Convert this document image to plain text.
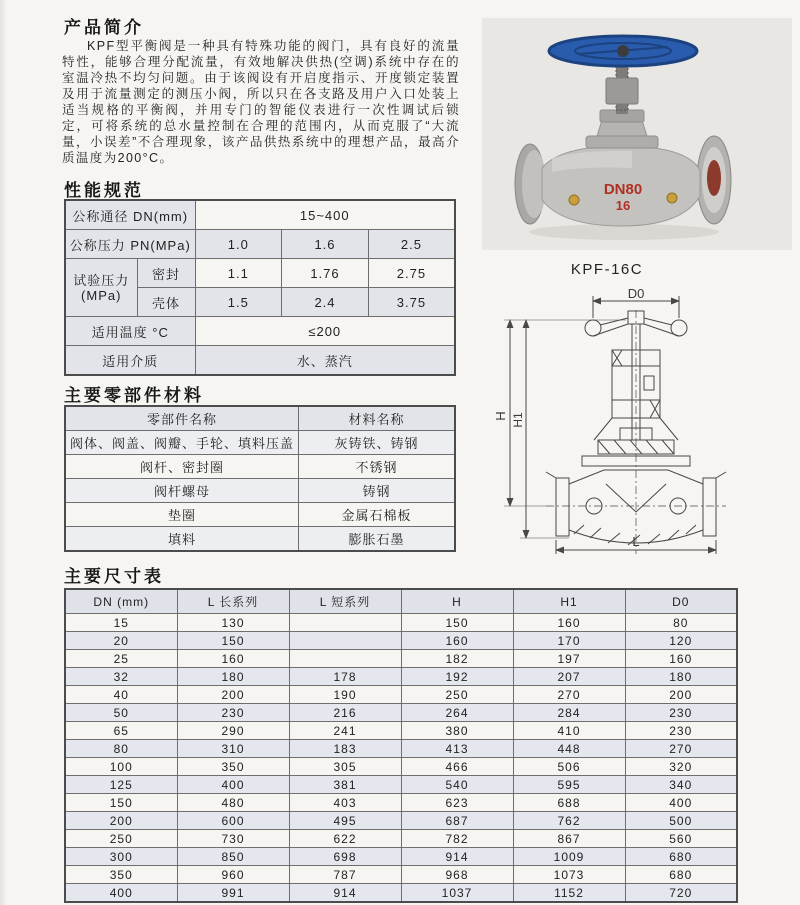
产品简介

KPF型平衡阀是一种具有特殊功能的阀门，具有良好的流量特性，能够合理分配流量，有效地解决供热(空调)系统中存在的室温冷热不均匀问题。由于该阀设有开启度指示、开度锁定装置及用于流量测定的测压小阀，所以只在各支路及用户入口处装上适当规格的平衡阀，并用专门的智能仪表进行一次性调试后锁定，可将系统的总水量控制在合理的范围内，从而克服了“大流量，小误差”不合理现象，该产品供热系统中的理想产品，最高介质温度为200°C。

DN80
16
KPF-16C
性能规范
公称通径 DN(mm)		15~400		
公称压力 PN(MPa)		1.0	1.6	2.5

试验压力
(MPa)	密封	1.1	1.76	2.75
	壳体	1.5	2.4	3.75
适用温度 °C		≤200		
适用介质		水、蒸汽		
主要零部件材料
零部件名称	材料名称
阀体、阀盖、阀瓣、手轮、填料压盖	灰铸铁、铸钢
阀杆、密封圈	不锈钢
阀杆螺母	铸钢
垫圈	金属石棉板
填料	膨胀石墨
D0
H H1
L
主要尺寸表
DN (mm)	L 长系列	L 短系列	H	H1	D0
15	130		150	160	80
20	150		160	170	120
25	160		182	197	160
32	180	178	192	207	180
40	200	190	250	270	200
50	230	216	264	284	230
65	290	241	380	410	230
80	310	183	413	448	270
100	350	305	466	506	320
125	400	381	540	595	340
150	480	403	623	688	400
200	600	495	687	762	500
250	730	622	782	867	560
300	850	698	914	1009	680
350	960	787	968	1073	680
400	991	914	1037	1152	720
